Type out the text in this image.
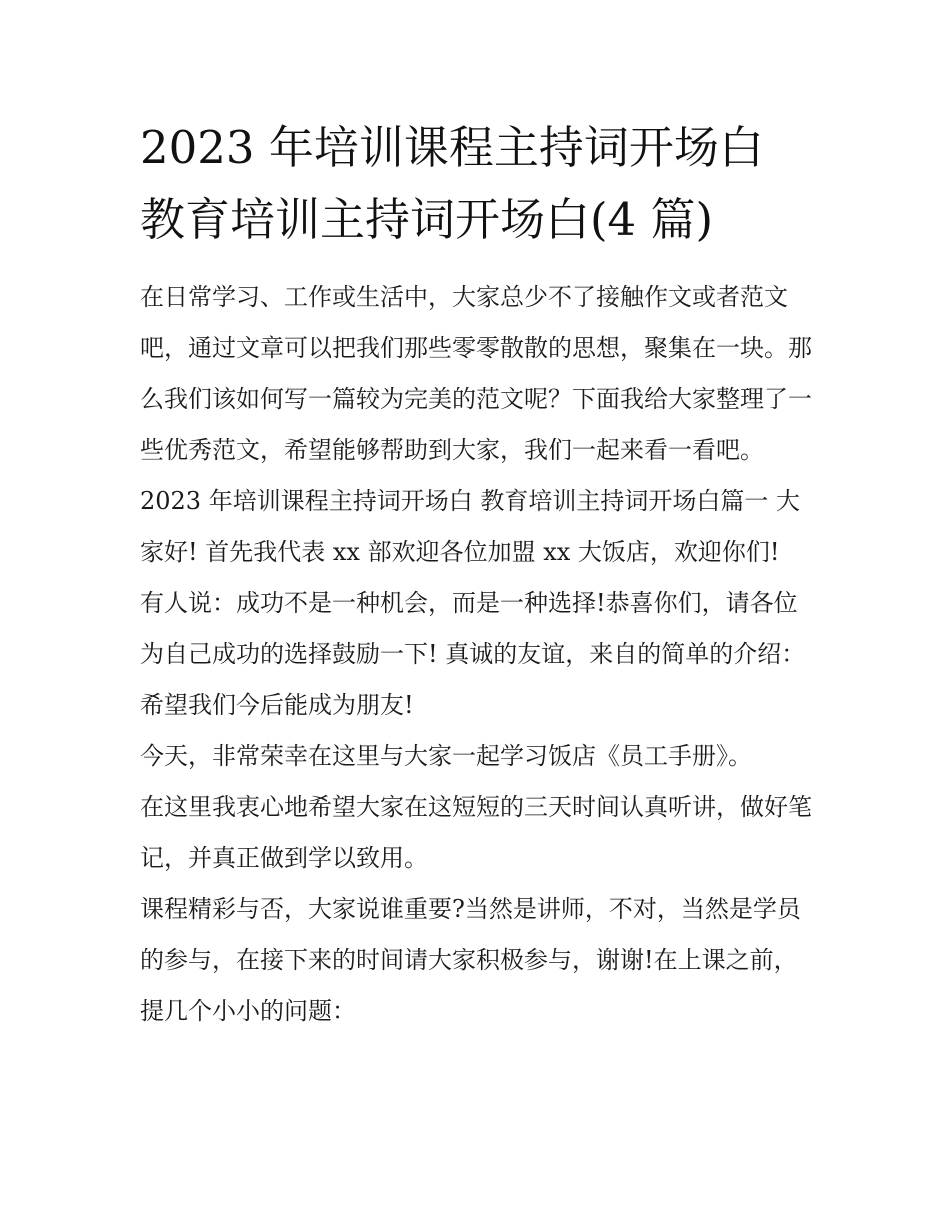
2023 年培训课程主持词开场白
教育培训主持词开场白(4 篇)

在日常学习、工作或生活中，大家总少不了接触作文或者范文吧，通过文章可以把我们那些零零散散的思想，聚集在一块。那么我们该如何写一篇较为完美的范文呢？下面我给大家整理了一些优秀范文，希望能够帮助到大家，我们一起来看一看吧。

2023 年培训课程主持词开场白 教育培训主持词开场白篇一 大家好! 首先我代表 xx 部欢迎各位加盟 xx 大饭店，欢迎你们!

有人说：成功不是一种机会，而是一种选择!恭喜你们，请各位为自己成功的选择鼓励一下! 真诚的友谊，来自的简单的介绍：希望我们今后能成为朋友!

今天，非常荣幸在这里与大家一起学习饭店《员工手册》。

在这里我衷心地希望大家在这短短的三天时间认真听讲，做好笔记，并真正做到学以致用。

课程精彩与否，大家说谁重要?当然是讲师，不对，当然是学员的参与，在接下来的时间请大家积极参与，谢谢!在上课之前，提几个小小的问题：
